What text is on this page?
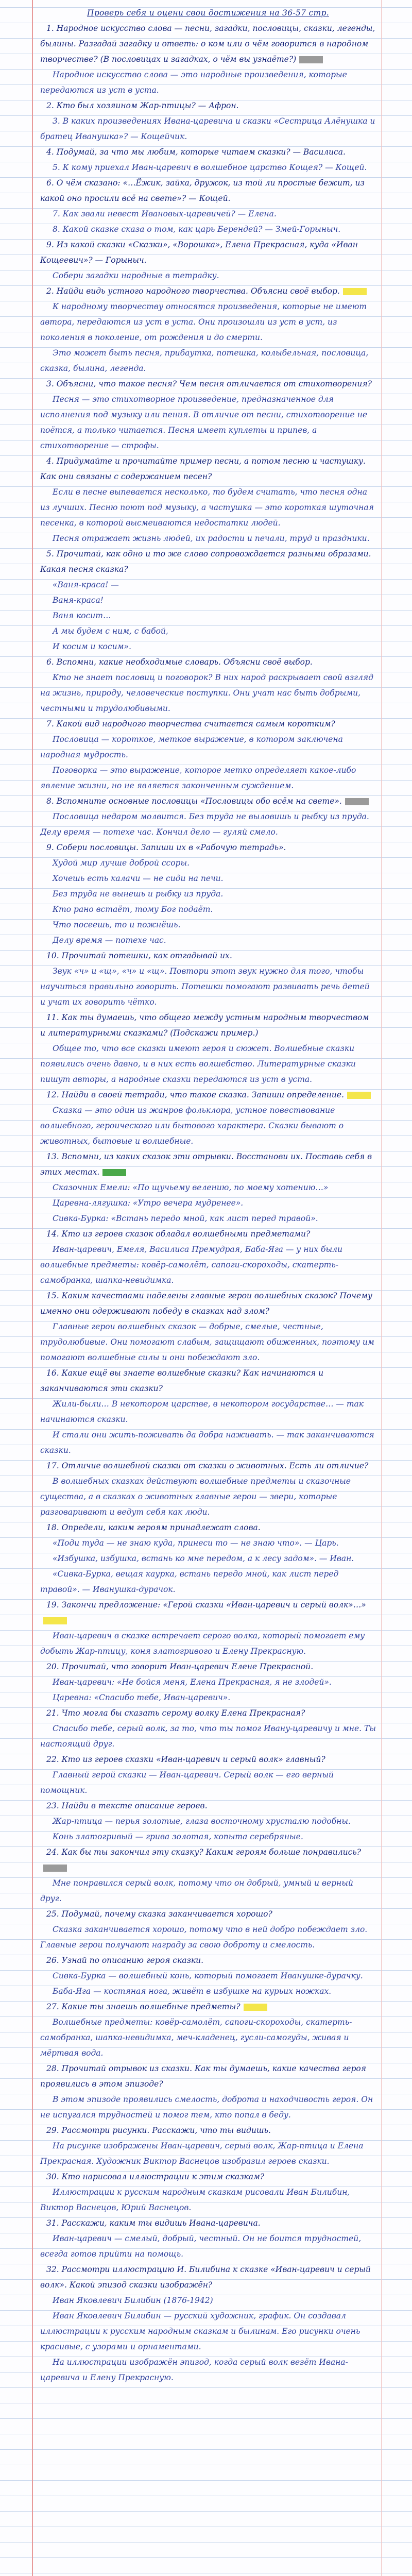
Проверь себя и оцени свои достижения на 36-57 стр.
1. Народное искусство слова — песни, загадки, пословицы, сказки, легенды, былины. Разгадай загадку и ответь: о ком или о чём говорится в народном творчестве? (В пословицах и загадках, о чём вы узнаёте?)
Народное искусство слова — это народные произведения, которые передаются из уст в уста.
2. Кто был хозяином Жар-птицы? — Афрон.
3. В каких произведениях Ивана-царевича и сказки «Сестрица Алёнушка и братец Иванушка»? — Кощейчик.
4. Подумай, за что мы любим, которые читаем сказки? — Василиса.
5. К кому приехал Иван-царевич в волшебное царство Кощея? — Кощей.
6. О чём сказано: «…Ёжик, зайка, дружок, из той ли простые бежит, из какой оно просили всё на свете»? — Кощей.
7. Как звали невест Ивановых-царевичей? — Елена.
8. Какой сказке сказа о том, как царь Берендей? — Змей-Горыныч.
9. Из какой сказки «Сказки», «Ворошка», Елена Прекрасная, куда «Иван Кощеевич»? — Горыныч.
Собери загадки народные в тетрадку.
2. Найди видь устного народного творчества. Объясни своё выбор.
К народному творчеству относятся произведения, которые не имеют автора, передаются из уст в уста. Они произошли из уст в уст, из поколения в поколение, от рождения и до смерти.
Это может быть песня, прибаутка, потешка, колыбельная, пословица, сказка, былина, легенда.
3. Объясни, что такое песня? Чем песня отличается от стихотворения?
Песня — это стихотворное произведение, предназначенное для исполнения под музыку или пения. В отличие от песни, стихотворение не поётся, а только читается. Песня имеет куплеты и припев, а стихотворение — строфы.
4. Придумайте и прочитайте пример песни, а потом песню и частушку. Как они связаны с содержанием песен?
Если в песне выпевается несколько, то будем считать, что песня одна из лучших. Песню поют под музыку, а частушка — это короткая шуточная песенка, в которой высмеиваются недостатки людей.
Песня отражает жизнь людей, их радости и печали, труд и праздники.
5. Прочитай, как одно и то же слово сопровождается разными образами. Какая песня сказка?
«Ваня-краса! —
Ваня-краса!
Ваня косит…
А мы будем с ним, с бабой,
И косим и косим».
6. Вспомни, какие необходимые словарь. Объясни своё выбор.
Кто не знает пословиц и поговорок? В них народ раскрывает свой взгляд на жизнь, природу, человеческие поступки. Они учат нас быть добрыми, честными и трудолюбивыми.
7. Какой вид народного творчества считается самым коротким?
Пословица — короткое, меткое выражение, в котором заключена народная мудрость.
Поговорка — это выражение, которое метко определяет какое-либо явление жизни, но не является законченным суждением.
8. Вспомните основные пословицы «Пословицы обо всём на свете».
Пословица недаром молвится. Без труда не выловишь и рыбку из пруда. Делу время — потехе час. Кончил дело — гуляй смело.
9. Собери пословицы. Запиши их в «Рабочую тетрадь».
Худой мир лучше доброй ссоры.
Хочешь есть калачи — не сиди на печи.
Без труда не вынешь и рыбку из пруда.
Кто рано встаёт, тому Бог подаёт.
Что посеешь, то и пожнёшь.
Делу время — потехе час.
10. Прочитай потешки, как отгадывай их.
Звук «ч» и «щ», «ч» и «щ». Повтори этот звук нужно для того, чтобы научиться правильно говорить. Потешки помогают развивать речь детей и учат их говорить чётко.
11. Как ты думаешь, что общего между устным народным творчеством и литературными сказками? (Подскажи пример.)
Общее то, что все сказки имеют героя и сюжет. Волшебные сказки появились очень давно, и в них есть волшебство. Литературные сказки пишут авторы, а народные сказки передаются из уст в уста.
12. Найди в своей тетради, что такое сказка. Запиши определение.
Сказка — это один из жанров фольклора, устное повествование волшебного, героического или бытового характера. Сказки бывают о животных, бытовые и волшебные.
13. Вспомни, из каких сказок эти отрывки. Восстанови их. Поставь себя в этих местах.
Сказочник Емели: «По щучьему велению, по моему хотению…»
Царевна-лягушка: «Утро вечера мудренее».
Сивка-Бурка: «Встань передо мной, как лист перед травой».
14. Кто из героев сказок обладал волшебными предметами?
Иван-царевич, Емеля, Василиса Премудрая, Баба-Яга — у них были волшебные предметы: ковёр-самолёт, сапоги-скороходы, скатерть-самобранка, шапка-невидимка.
15. Каким качествами наделены главные герои волшебных сказок? Почему именно они одерживают победу в сказках над злом?
Главные герои волшебных сказок — добрые, смелые, честные, трудолюбивые. Они помогают слабым, защищают обиженных, поэтому им помогают волшебные силы и они побеждают зло.
16. Какие ещё вы знаете волшебные сказки? Как начинаются и заканчиваются эти сказки?
Жили-были… В некотором царстве, в некотором государстве… — так начинаются сказки.
И стали они жить-поживать да добра наживать. — так заканчиваются сказки.
17. Отличие волшебной сказки от сказки о животных. Есть ли отличие?
В волшебных сказках действуют волшебные предметы и сказочные существа, а в сказках о животных главные герои — звери, которые разговаривают и ведут себя как люди.
18. Определи, каким героям принадлежат слова.
«Поди туда — не знаю куда, принеси то — не знаю что». — Царь.
«Избушка, избушка, встань ко мне передом, а к лесу задом». — Иван.
«Сивка-Бурка, вещая каурка, встань передо мной, как лист перед травой». — Иванушка-дурачок.
19. Закончи предложение: «Герой сказки «Иван-царевич и серый волк»…»
Иван-царевич в сказке встречает серого волка, который помогает ему добыть Жар-птицу, коня златогривого и Елену Прекрасную.
20. Прочитай, что говорит Иван-царевич Елене Прекрасной.
Иван-царевич: «Не бойся меня, Елена Прекрасная, я не злодей».
Царевна: «Спасибо тебе, Иван-царевич».
21. Что могла бы сказать серому волку Елена Прекрасная?
Спасибо тебе, серый волк, за то, что ты помог Ивану-царевичу и мне. Ты настоящий друг.
22. Кто из героев сказки «Иван-царевич и серый волк» главный?
Главный герой сказки — Иван-царевич. Серый волк — его верный помощник.
23. Найди в тексте описание героев.
Жар-птица — перья золотые, глаза восточному хрусталю подобны.
Конь златогривый — грива золотая, копыта серебряные.
24. Как бы ты закончил эту сказку? Каким героям больше понравились?
Мне понравился серый волк, потому что он добрый, умный и верный друг.
25. Подумай, почему сказка заканчивается хорошо?
Сказка заканчивается хорошо, потому что в ней добро побеждает зло. Главные герои получают награду за свою доброту и смелость.
26. Узнай по описанию героя сказки.
Сивка-Бурка — волшебный конь, который помогает Иванушке-дурачку.
Баба-Яга — костяная нога, живёт в избушке на курьих ножках.
27. Какие ты знаешь волшебные предметы?
Волшебные предметы: ковёр-самолёт, сапоги-скороходы, скатерть-самобранка, шапка-невидимка, меч-кладенец, гусли-самогуды, живая и мёртвая вода.
28. Прочитай отрывок из сказки. Как ты думаешь, какие качества героя проявились в этом эпизоде?
В этом эпизоде проявились смелость, доброта и находчивость героя. Он не испугался трудностей и помог тем, кто попал в беду.
29. Рассмотри рисунки. Расскажи, что ты видишь.
На рисунке изображены Иван-царевич, серый волк, Жар-птица и Елена Прекрасная. Художник Виктор Васнецов изобразил героев сказки.
30. Кто нарисовал иллюстрации к этим сказкам?
Иллюстрации к русским народным сказкам рисовали Иван Билибин, Виктор Васнецов, Юрий Васнецов.
31. Расскажи, каким ты видишь Ивана-царевича.
Иван-царевич — смелый, добрый, честный. Он не боится трудностей, всегда готов прийти на помощь.
32. Рассмотри иллюстрацию И. Билибина к сказке «Иван-царевич и серый волк». Какой эпизод сказки изображён?
Иван Яковлевич Билибин (1876-1942)
Иван Яковлевич Билибин — русский художник, график. Он создавал иллюстрации к русским народным сказкам и былинам. Его рисунки очень красивые, с узорами и орнаментами.
На иллюстрации изображён эпизод, когда серый волк везёт Ивана-царевича и Елену Прекрасную.
